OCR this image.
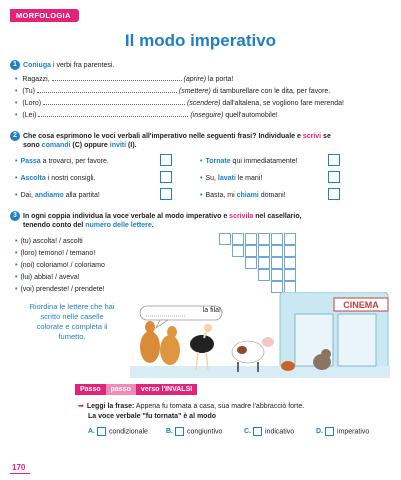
MORFOLOGIA
Il modo imperativo
1 Coniuga i verbi fra parentesi.
• Ragazzi,	(aprire) la porta!
• (Tu)	(smettere) di tamburellare con le dita, per favore.
• (Loro)	(scendere) dall'altalena, se vogliono fare merenda!
• (Lei)	(inseguire) quell'automobile!
2 Che cosa esprimono le voci verbali all'imperativo nelle seguenti frasi? Individuale e scrivi se
sono comandi (C) oppure inviti (I).
• Passa a trovarci, per favore.	• Tornate qui immediatamente!
• Ascolta i nostri consigli.	• Su, lavati le mani!
• Dai, andiamo alla partita!	• Basta, mi chiami domani!
3 In ogni coppia individua la voce verbale al modo imperativo e scrivila nel casellario,
tenendo conto del numero delle lettere.
• (tu) ascolta! / ascolti
• (loro) temono! / temano!
• (noi) coloriamo! / coloriamo
• (lui) abbia! / aveva!
• (voi) prendeste! / prendete!
Riordina le lettere che hai scritto nelle caselle colorate e completa il fumetto.
CINEMA
la fila!
Passo passo verso l'INVALSI
➡ Leggi la frase: Appena fu tornata a casa, sua madre l'abbracciò forte.
La voce verbale "fu tornata" è al modo
A. condizionale	B. congiuntivo	C. indicativo	D. imperativo
170
